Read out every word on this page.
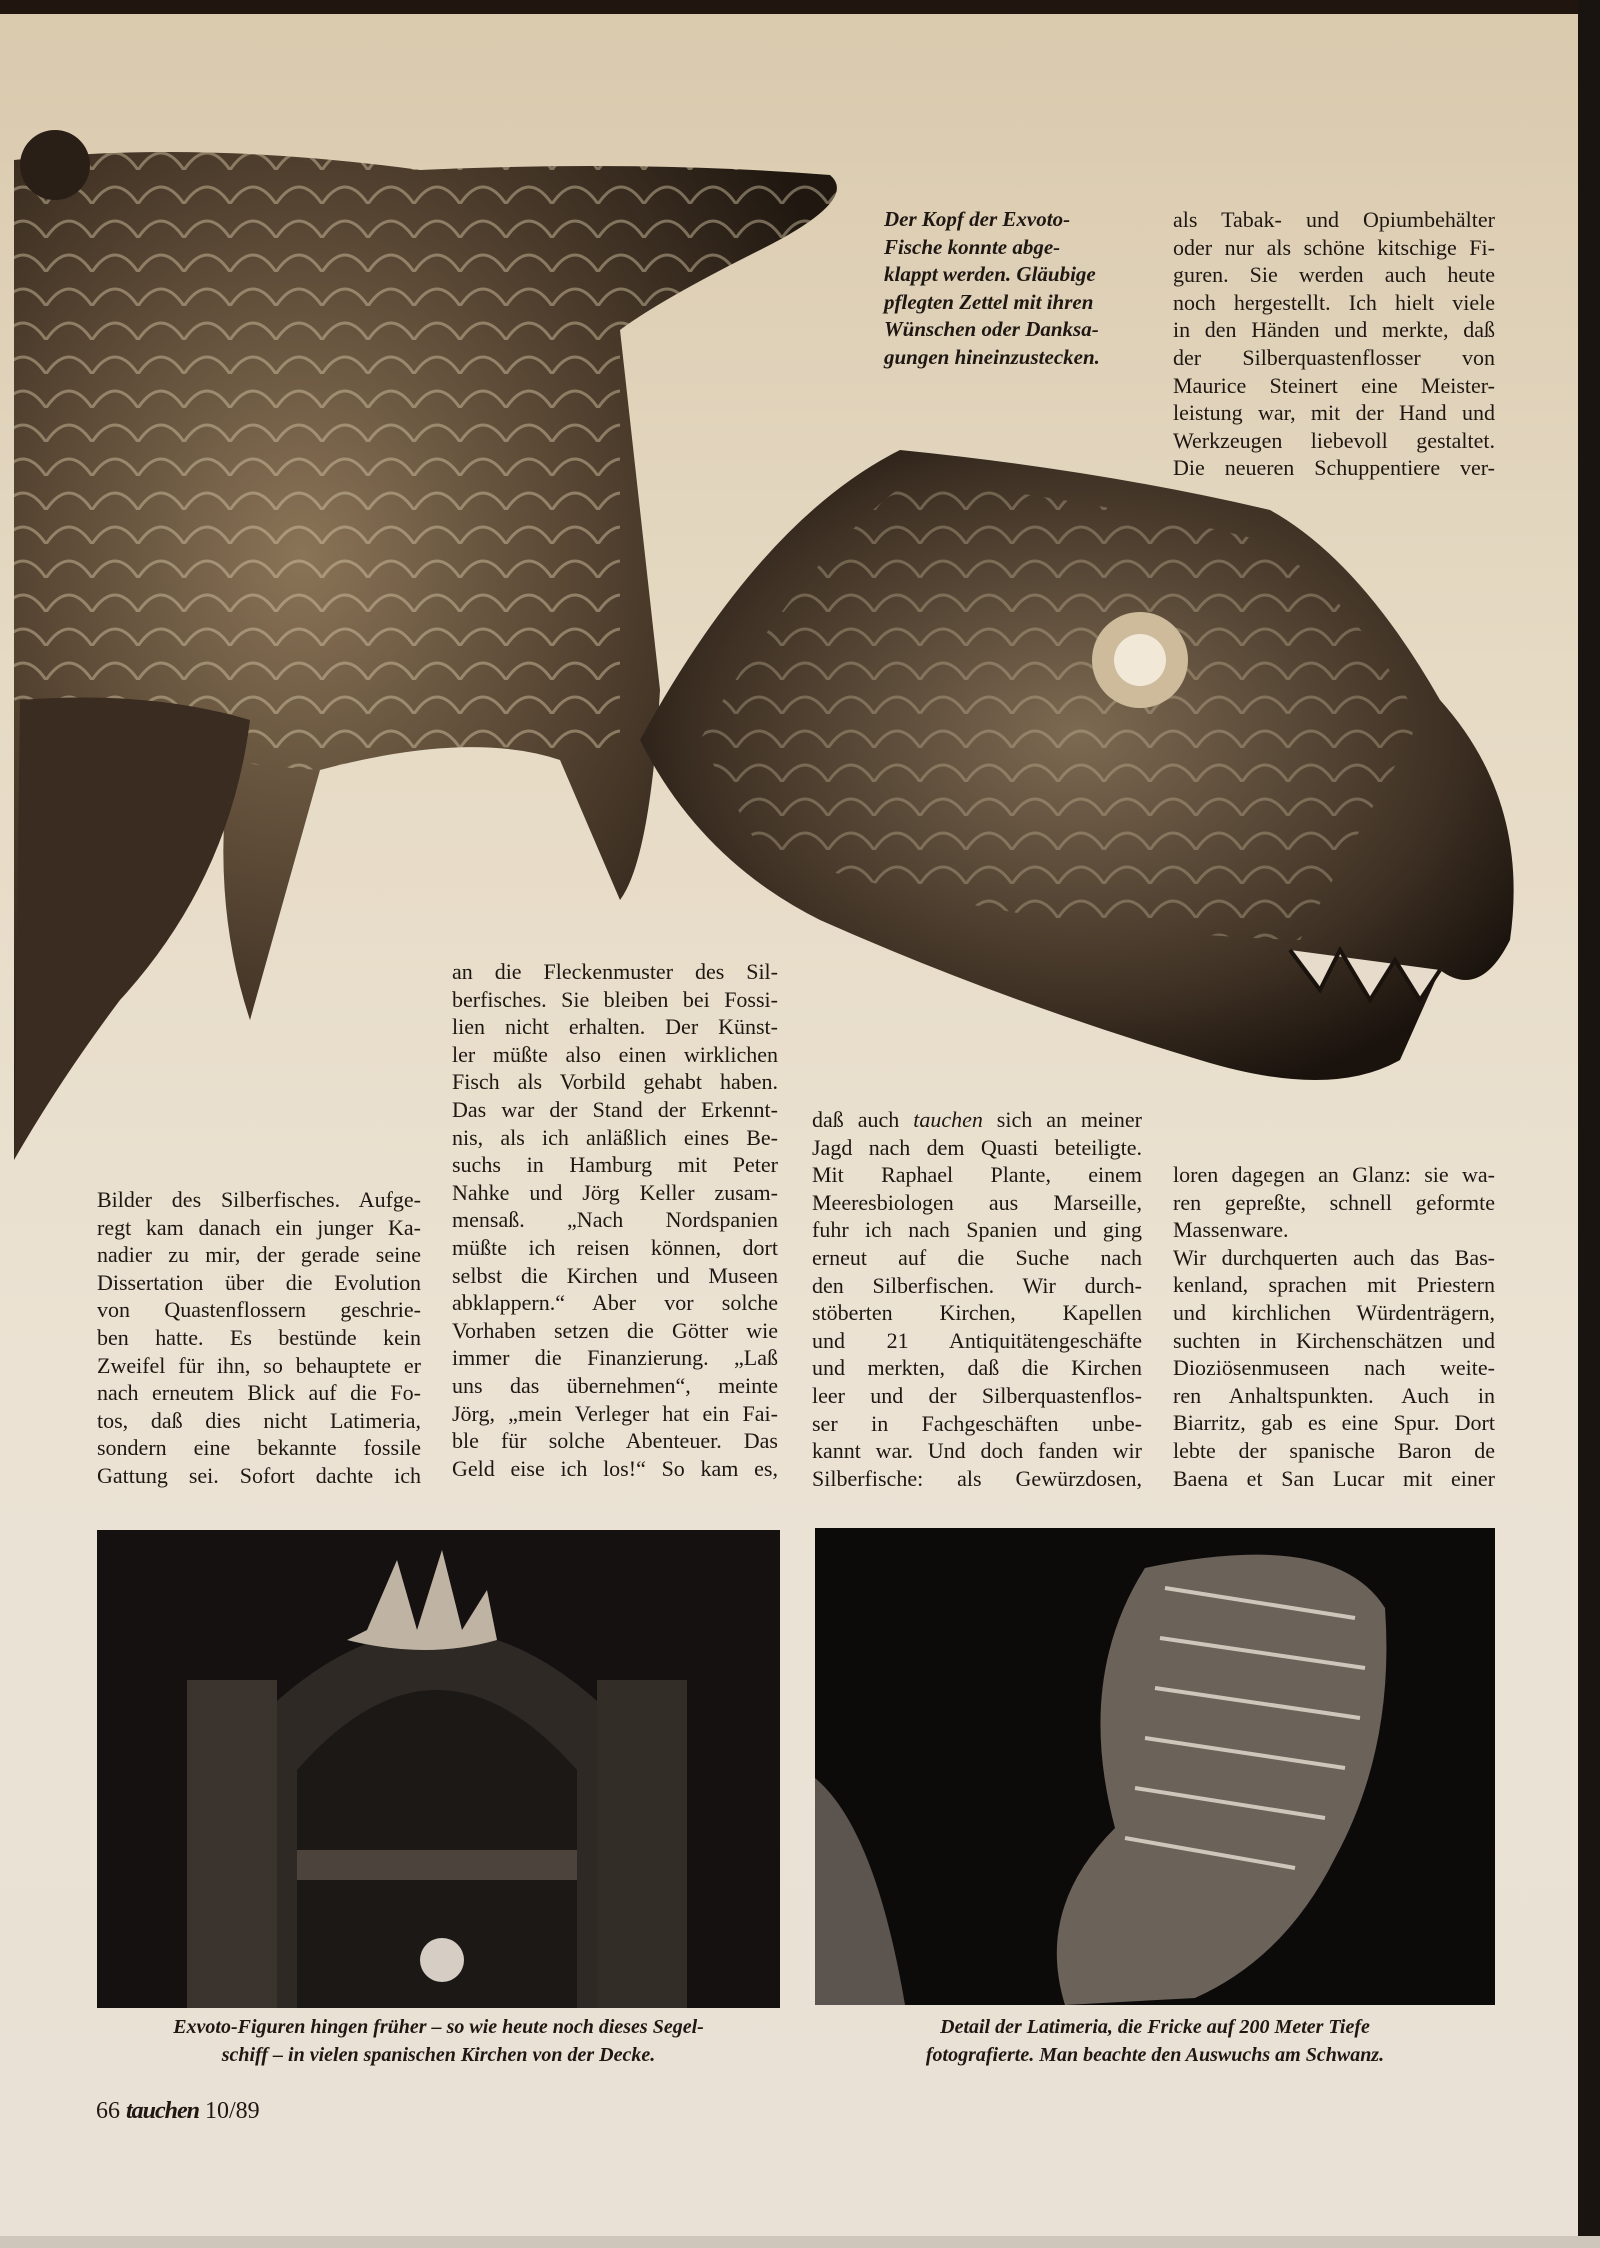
Der Kopf der Exvoto-
Fische konnte abge-
klappt werden. Gläubige
pflegten Zettel mit ihren
Wünschen oder Danksa-
gungen hineinzustecken.
als Tabak- und Opiumbehälter
oder nur als schöne kitschige Fi-
guren. Sie werden auch heute
noch hergestellt. Ich hielt viele
in den Händen und merkte, daß
der Silberquastenflosser von
Maurice Steinert eine Meister-
leistung war, mit der Hand und
Werkzeugen liebevoll gestaltet.
Die neueren Schuppentiere ver-
Bilder des Silberfisches. Aufge-
regt kam danach ein junger Ka-
nadier zu mir, der gerade seine
Dissertation über die Evolution
von Quastenflossern geschrie-
ben hatte. Es bestünde kein
Zweifel für ihn, so behauptete er
nach erneutem Blick auf die Fo-
tos, daß dies nicht Latimeria,
sondern eine bekannte fossile
Gattung sei. Sofort dachte ich
an die Fleckenmuster des Sil-
berfisches. Sie bleiben bei Fossi-
lien nicht erhalten. Der Künst-
ler müßte also einen wirklichen
Fisch als Vorbild gehabt haben.
Das war der Stand der Erkennt-
nis, als ich anläßlich eines Be-
suchs in Hamburg mit Peter
Nahke und Jörg Keller zusam-
mensaß. „Nach Nordspanien
müßte ich reisen können, dort
selbst die Kirchen und Museen
abklappern.“ Aber vor solche
Vorhaben setzen die Götter wie
immer die Finanzierung. „Laß
uns das übernehmen“, meinte
Jörg, „mein Verleger hat ein Fai-
ble für solche Abenteuer. Das
Geld eise ich los!“ So kam es,
daß auch tauchen sich an meiner
Jagd nach dem Quasti beteiligte.
Mit Raphael Plante, einem
Meeresbiologen aus Marseille,
fuhr ich nach Spanien und ging
erneut auf die Suche nach
den Silberfischen. Wir durch-
stöberten Kirchen, Kapellen
und 21 Antiquitätengeschäfte
und merkten, daß die Kirchen
leer und der Silberquastenflos-
ser in Fachgeschäften unbe-
kannt war. Und doch fanden wir
Silberfische: als Gewürzdosen,
loren dagegen an Glanz: sie wa-
ren gepreßte, schnell geformte
Massenware.
Wir durchquerten auch das Bas-
kenland, sprachen mit Priestern
und kirchlichen Würdenträgern,
suchten in Kirchenschätzen und
Dioziösenmuseen nach weite-
ren Anhaltspunkten. Auch in
Biarritz, gab es eine Spur. Dort
lebte der spanische Baron de
Baena et San Lucar mit einer
Exvoto-Figuren hingen früher – so wie heute noch dieses Segel-
schiff – in vielen spanischen Kirchen von der Decke.
Detail der Latimeria, die Fricke auf 200 Meter Tiefe
fotografierte. Man beachte den Auswuchs am Schwanz.
66 tauchen 10/89
